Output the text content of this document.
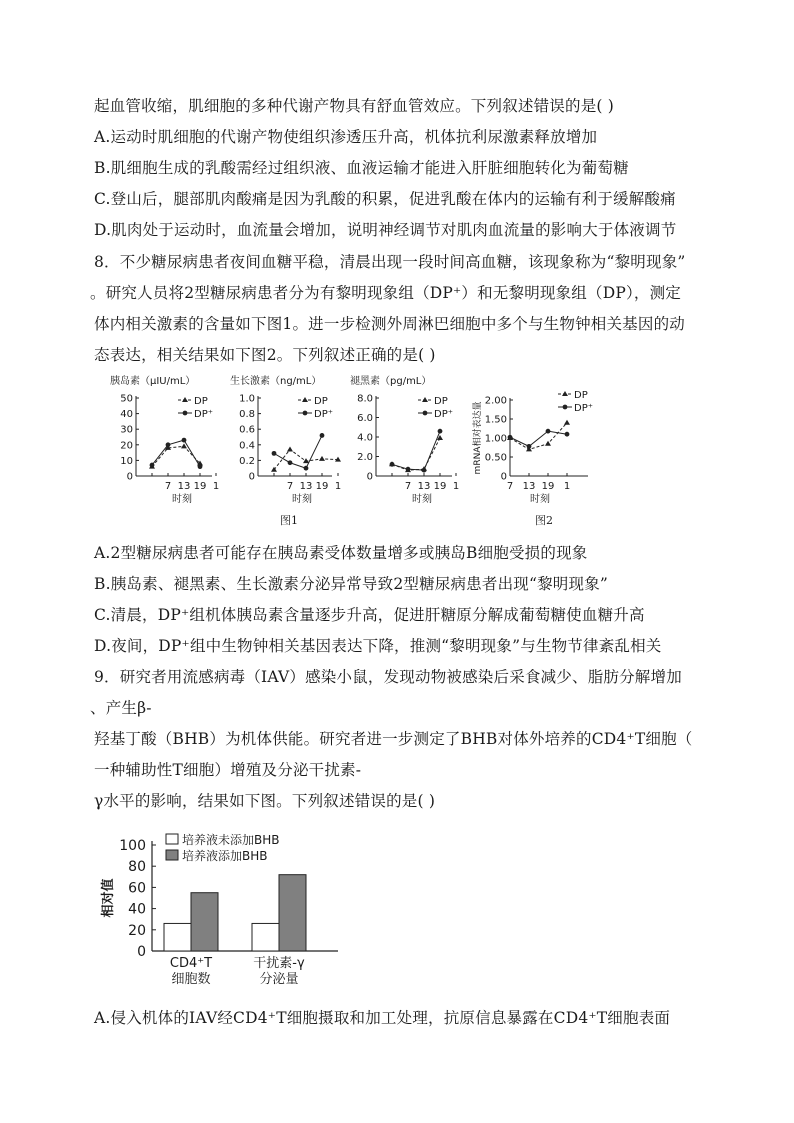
起血管收缩，肌细胞的多种代谢产物具有舒血管效应。下列叙述错误的是( )
A.运动时肌细胞的代谢产物使组织渗透压升高，机体抗利尿激素释放增加
B.肌细胞生成的乳酸需经过组织液、血液运输才能进入肝脏细胞转化为葡萄糖
C.登山后，腿部肌肉酸痛是因为乳酸的积累，促进乳酸在体内的运输有利于缓解酸痛
D.肌肉处于运动时，血流量会增加，说明神经调节对肌肉血流量的影响大于体液调节
8．不少糖尿病患者夜间血糖平稳，清晨出现一段时间高血糖，该现象称为“黎明现象”
。研究人员将2型糖尿病患者分为有黎明现象组（DP⁺）和无黎明现象组（DP），测定
体内相关激素的含量如下图1。进一步检测外周淋巴细胞中多个与生物钟相关基因的动
态表达，相关结果如下图2。下列叙述正确的是( )
胰岛素（μIU/mL）
0
10
20
30
40
50
7 13 19 1
时刻
DP
DP⁺
生长激素（ng/mL）
0
0.2
0.4
0.6
0.8
1.0
7 13 19 1
时刻
DP
DP⁺
褪黑素（pg/mL）
0
2.0
4.0
6.0
8.0
7 13 19 1
时刻
DP
DP⁺ mRNA相对表达量
0
0.50
1.00
1.50
2.00
7 13 19 1
时刻
DP
DP⁺
图1	图2
A.2型糖尿病患者可能存在胰岛素受体数量增多或胰岛B细胞受损的现象
B.胰岛素、褪黑素、生长激素分泌异常导致2型糖尿病患者出现“黎明现象”
C.清晨，DP⁺组机体胰岛素含量逐步升高，促进肝糖原分解成葡萄糖使血糖升高
D.夜间，DP⁺组中生物钟相关基因表达下降，推测“黎明现象”与生物节律紊乱相关
9．研究者用流感病毒（IAV）感染小鼠，发现动物被感染后采食减少、脂肪分解增加
、产生β-
羟基丁酸（BHB）为机体供能。研究者进一步测定了BHB对体外培养的CD4⁺T细胞（
一种辅助性T细胞）增殖及分泌干扰素-
γ水平的影响，结果如下图。下列叙述错误的是( )
相对值
0
20
40
60
80
100	培养液未添加BHB
培养液添加BHB
CD4⁺T
细胞数
干扰素-γ
分泌量
A.侵入机体的IAV经CD4⁺T细胞摄取和加工处理，抗原信息暴露在CD4⁺T细胞表面
